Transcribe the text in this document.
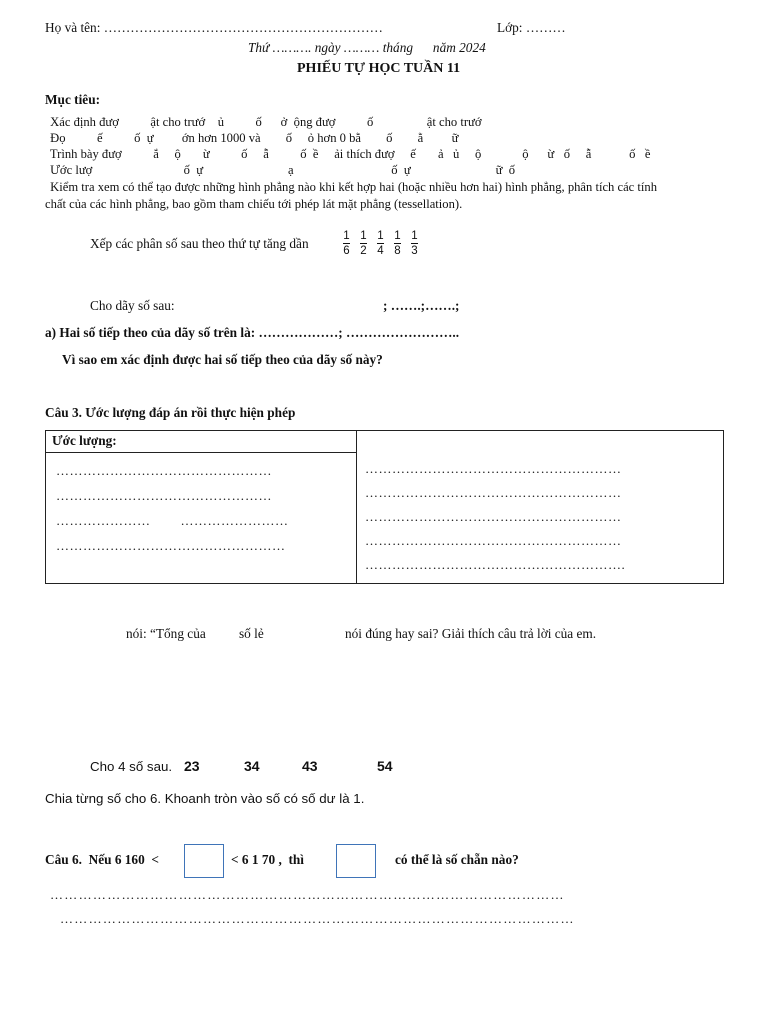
Họ và tên: ………………………………………………………	Lớp: ………
Thứ ………. ngày ……… tháng      năm 2024
PHIẾU TỰ HỌC TUẦN 11
Mục tiêu:
Xác định đượ          ật cho trướ    ủ          ố      ở  ộng đượ          ố                 ật cho trướ
Đọ          ế          ố  ự         ớn hơn 1000 và        ố     ỏ hơn 0 bằ        ố        ằ         ữ
Trình bày đượ          ắ     ộ       ừ          ố     ẫ          ố  ề     ải thích đượ     ế       ả   ủ     ộ             ộ      ừ   ố     ẫ            ố   ề
Ước lượ                             ố  ự                           ạ                               ố  ự                           ữ  ố
Kiểm tra xem có thể tạo được những hình phẳng nào khi kết hợp hai (hoặc nhiều hơn hai) hình phẳng, phân tích các tính
chất của các hình phẳng, bao gồm tham chiếu tới phép lát mặt phẳng (tessellation).
Xếp các phân số sau theo thứ tự tăng dần	1
6
1
2
1
4
1
8
1
3
Cho dãy số sau:	; …….;…….;
a) Hai số tiếp theo của dãy số trên là: ………………; ……………………..
Vì sao em xác định được hai số tiếp theo của dãy số này?
Câu 3. Ước lượng đáp án rồi thực hiện phép
Ước lượng:
…………………………………………
…………………………………………
…………………        ……………………
……………………………………………

…………………………………………………
…………………………………………………
…………………………………………………
…………………………………………………
………………………………………………….
nói: “Tổng của số lẻ	nói đúng hay sai? Giải thích câu trả lời của em.
Cho 4 số sau. 23	34	43	54
Chia từng số cho 6. Khoanh tròn vào số có số dư là 1.
Câu 6.  Nếu 6 160  <	< 6 1 70 ,  thì	có thể là số chẵn nào?
………………………………………………………………………………………………
………………………………………………………………………………………………
